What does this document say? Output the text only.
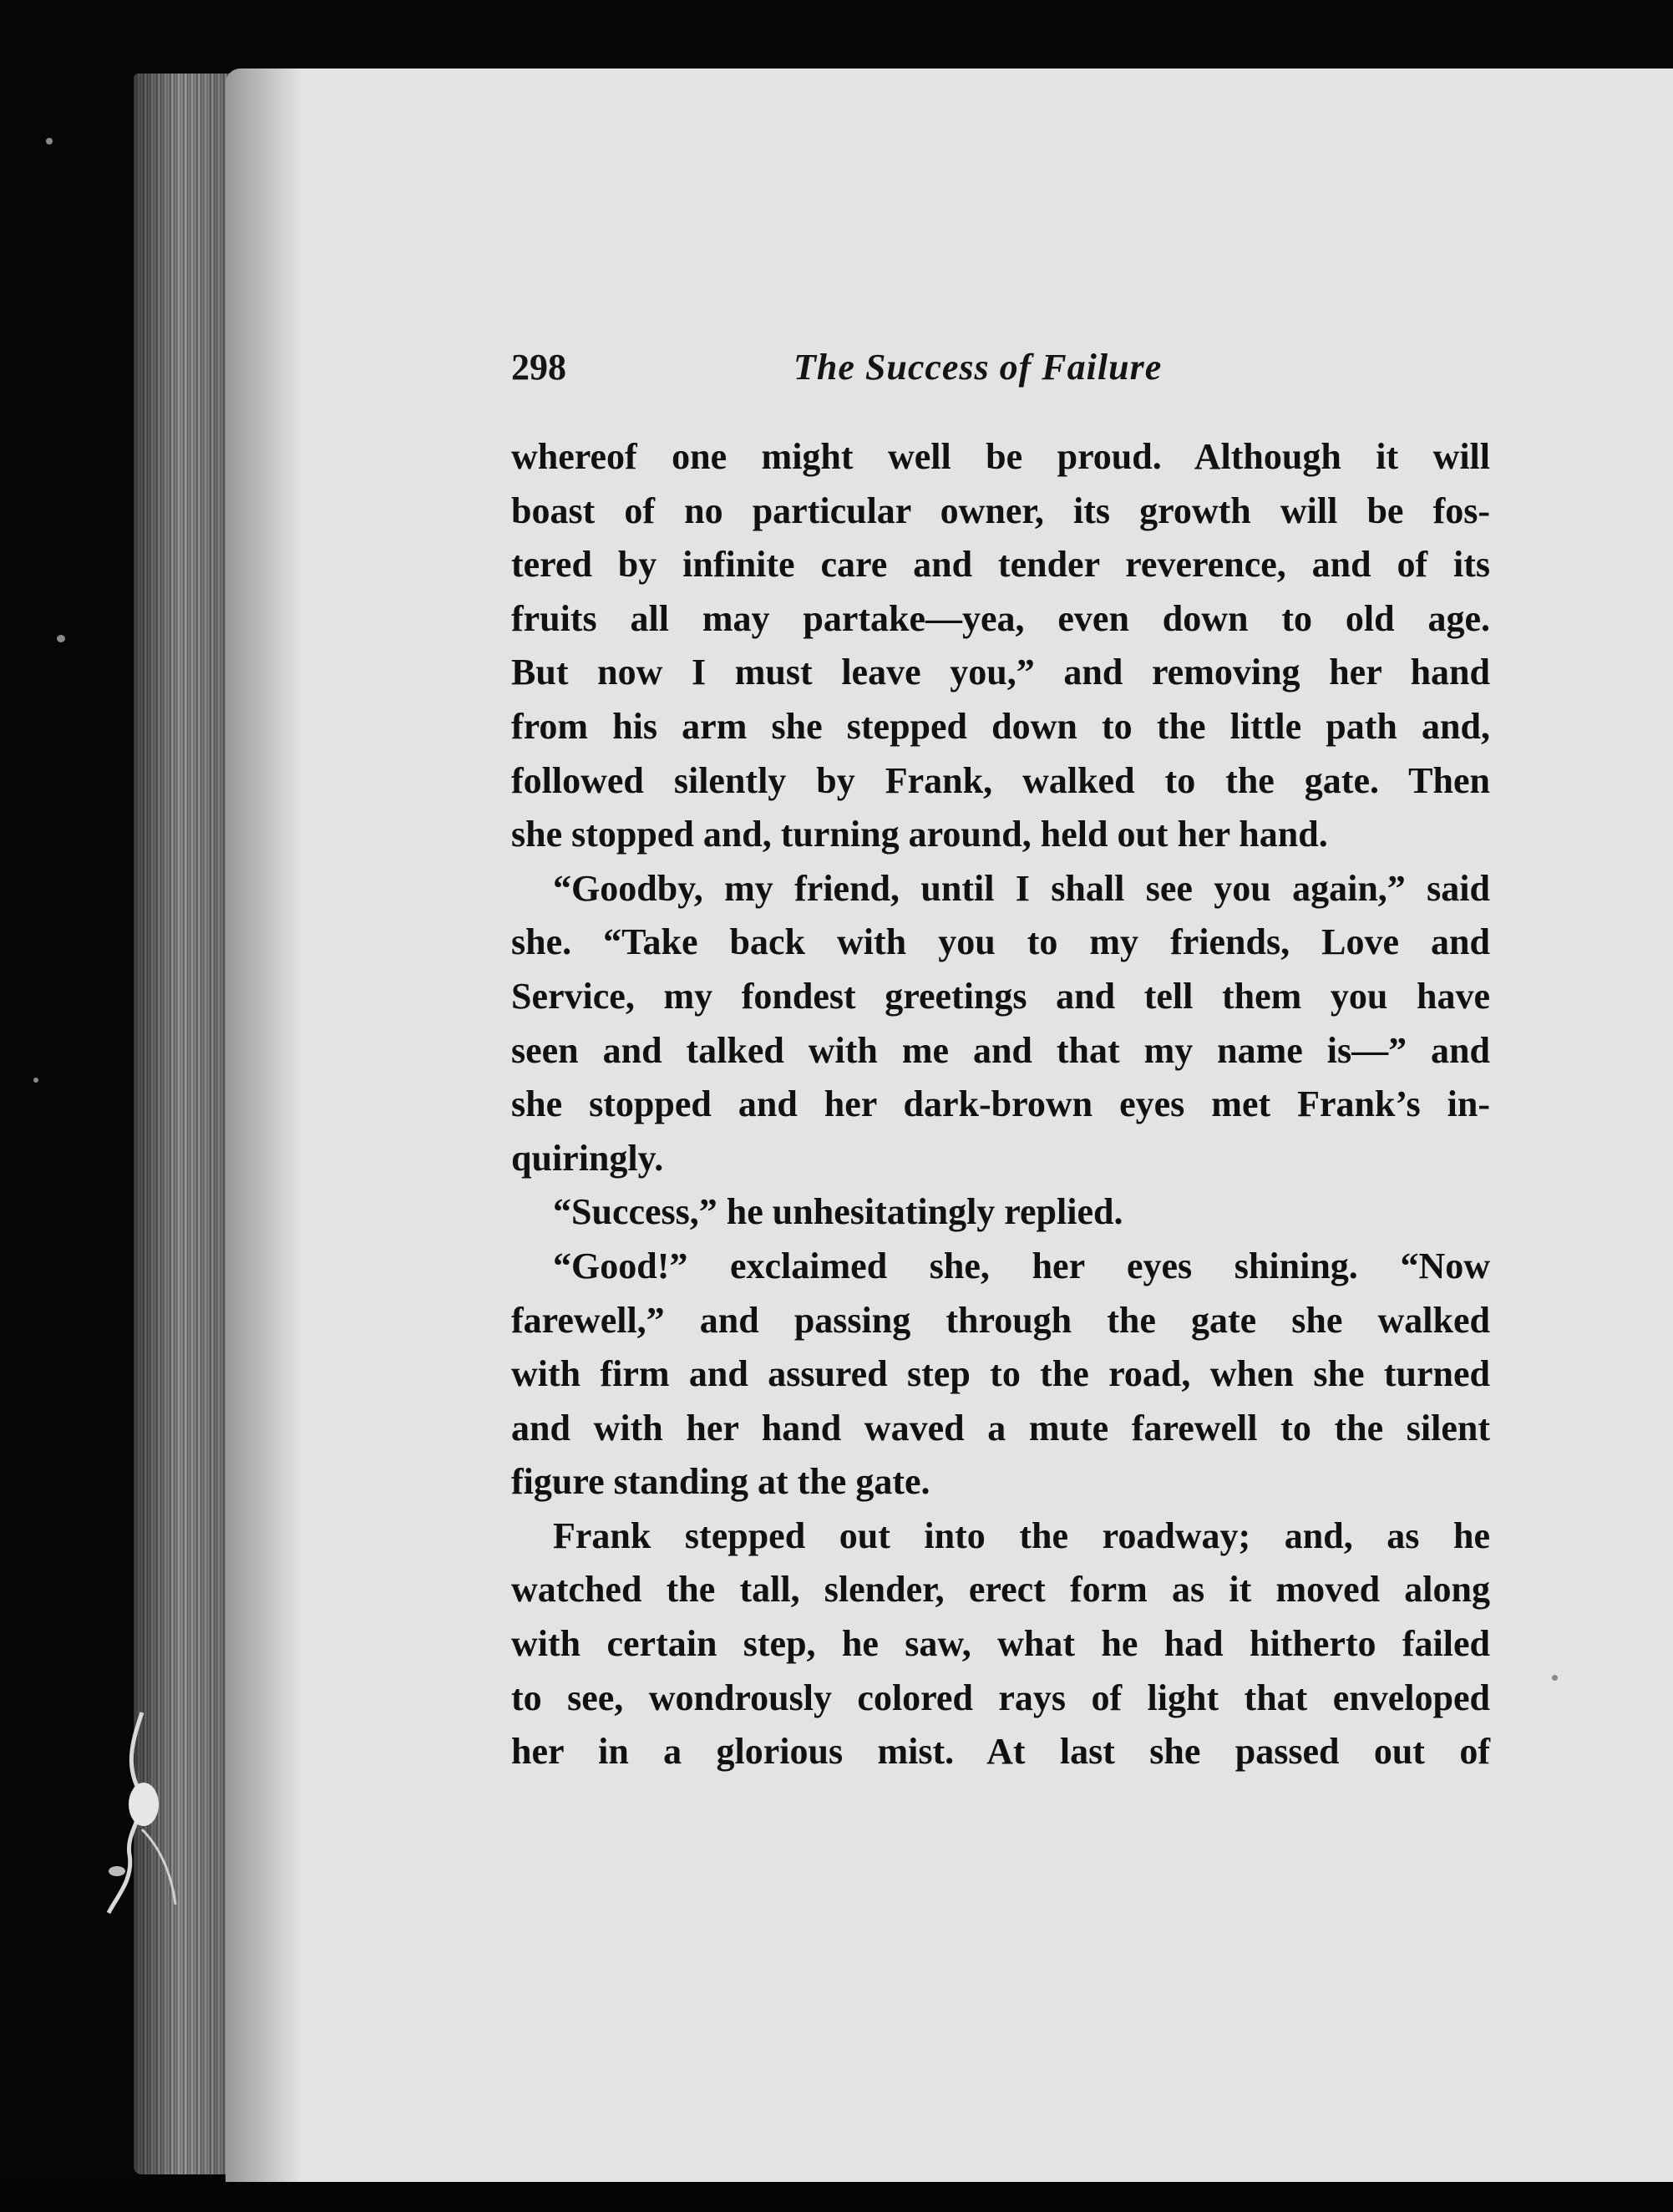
298	The Success of Failure
whereof one might well be proud. Although it will
boast of no particular owner, its growth will be fos-
tered by infinite care and tender reverence, and of its
fruits all may partake—yea, even down to old age.
But now I must leave you,” and removing her hand
from his arm she stepped down to the little path and,
followed silently by Frank, walked to the gate. Then
she stopped and, turning around, held out her hand.
“Goodby, my friend, until I shall see you again,” said
she. “Take back with you to my friends, Love and
Service, my fondest greetings and tell them you have
seen and talked with me and that my name is—” and
she stopped and her dark-brown eyes met Frank’s in-
quiringly.
“Success,” he unhesitatingly replied.
“Good!” exclaimed she, her eyes shining. “Now
farewell,” and passing through the gate she walked
with firm and assured step to the road, when she turned
and with her hand waved a mute farewell to the silent
figure standing at the gate.
Frank stepped out into the roadway; and, as he
watched the tall, slender, erect form as it moved along
with certain step, he saw, what he had hitherto failed
to see, wondrously colored rays of light that enveloped
her in a glorious mist. At last she passed out of
